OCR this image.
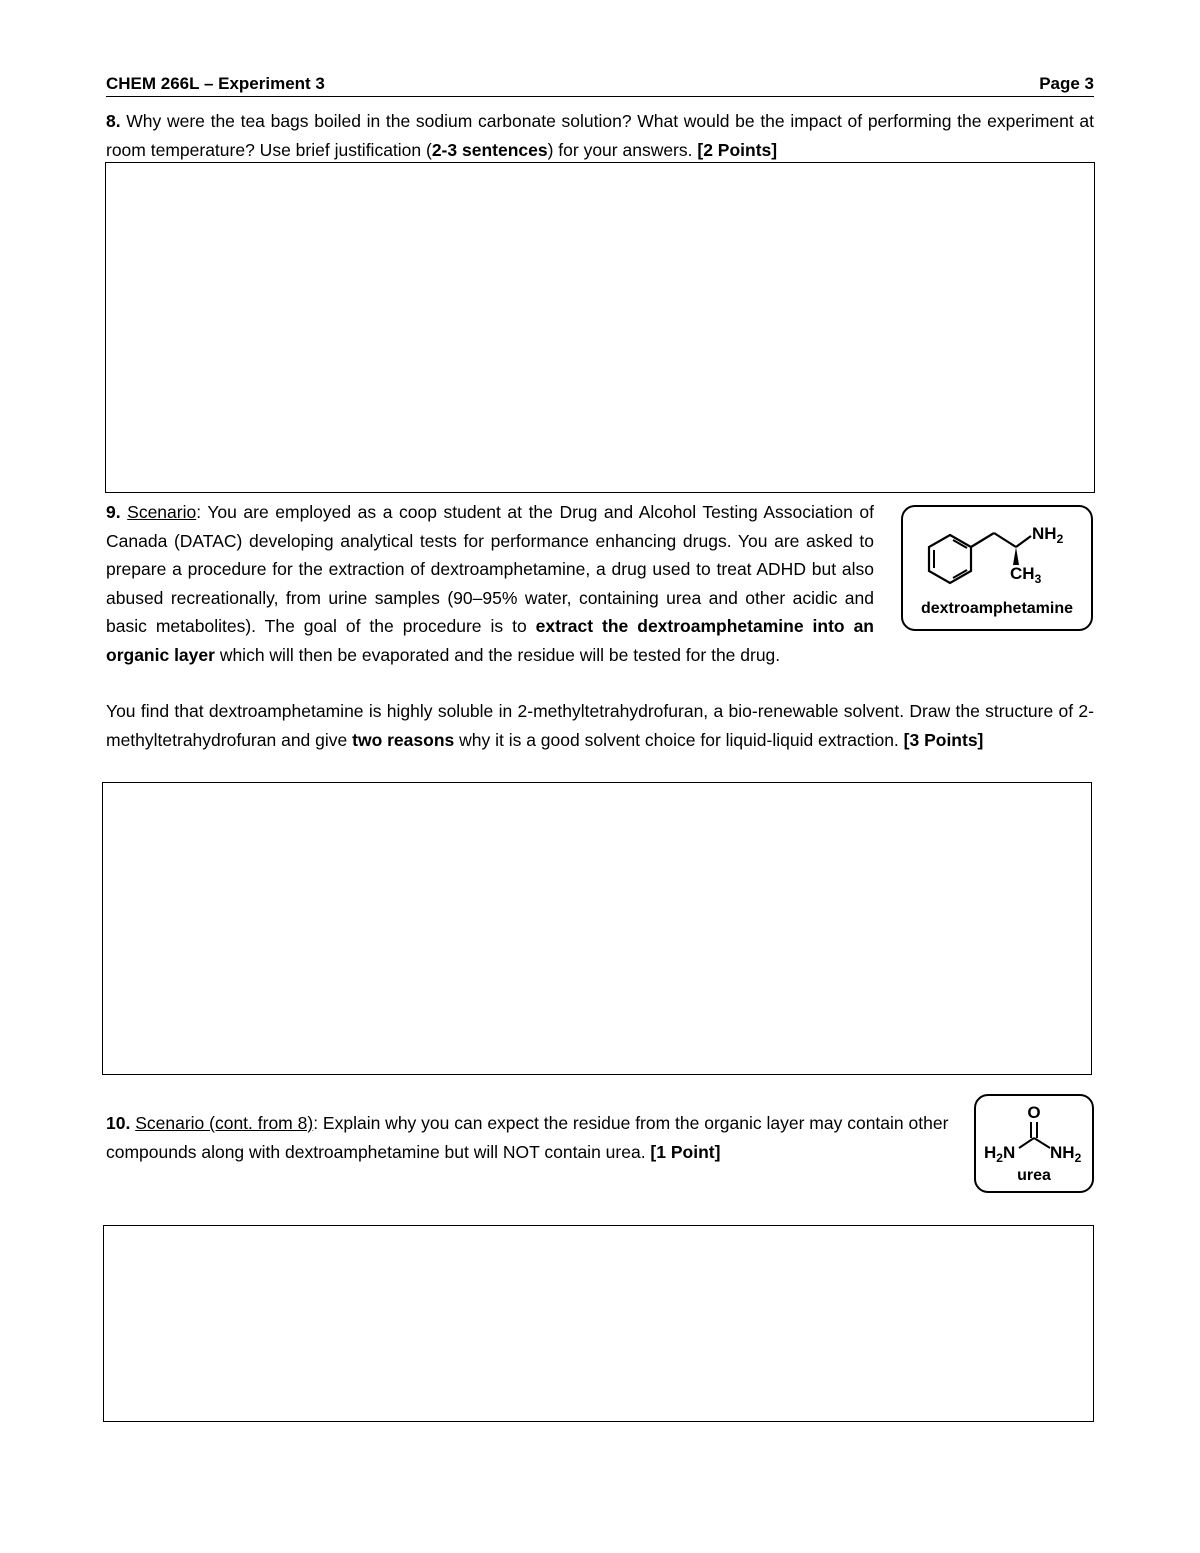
CHEM 266L – Experiment 3	Page 3
8. Why were the tea bags boiled in the sodium carbonate solution? What would be the impact of performing the experiment at room temperature? Use brief justification (2-3 sentences) for your answers. [2 Points]
9. Scenario: You are employed as a coop student at the Drug and Alcohol Testing Association of Canada (DATAC) developing analytical tests for performance enhancing drugs. You are asked to prepare a procedure for the extraction of dextroamphetamine, a drug used to treat ADHD but also abused recreationally, from urine samples (90–95% water, containing urea and other acidic and basic metabolites). The goal of the procedure is to extract the dextroamphetamine into an organic layer which will then be evaporated and the residue will be tested for the drug.
You find that dextroamphetamine is highly soluble in 2-methyltetrahydrofuran, a bio-renewable solvent. Draw the structure of 2-methyltetrahydrofuran and give two reasons why it is a good solvent choice for liquid-liquid extraction. [3 Points]
$NH_2$
$CH_3$
dextroamphetamine
10. Scenario (cont. from 8): Explain why you can expect the residue from the organic layer may contain other compounds along with dextroamphetamine but will NOT contain urea. [1 Point]
O
$H_2N$ $NH_2$
urea
